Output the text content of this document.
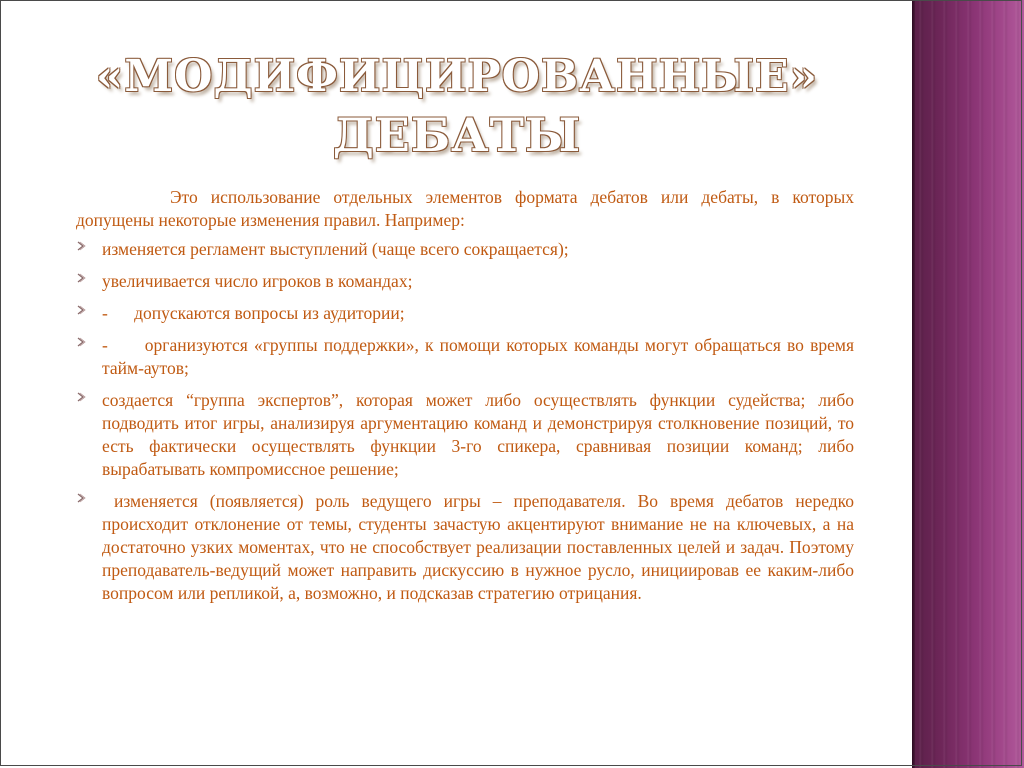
«МОДИФИЦИРОВАННЫЕ»
ДЕБАТЫ

Это использование отдельных элементов формата дебатов или дебаты, в которых допущены некоторые изменения правил. Например:

изменяется регламент выступлений (чаще всего сокращается);
увеличивается число игроков в командах;
-      допускаются вопросы из аудитории;
-      организуются «группы поддержки», к помощи которых команды могут обращаться во время тайм-аутов;
создается “группа экспертов”, которая может либо осуществлять функции судейства; либо подводить итог игры, анализируя аргументацию команд и демонстрируя столкновение позиций, то есть фактически осуществлять функции 3-го спикера, сравнивая позиции команд; либо вырабатывать компромиссное решение;
изменяется (появляется) роль ведущего игры – преподавателя. Во время дебатов нередко происходит отклонение от темы, студенты зачастую акцентируют внимание не на ключевых, а на достаточно узких моментах, что не способствует реализации поставленных целей и задач. Поэтому преподаватель-ведущий может направить дискуссию в нужное русло, инициировав ее каким-либо вопросом или репликой, а, возможно, и подсказав стратегию отрицания.
